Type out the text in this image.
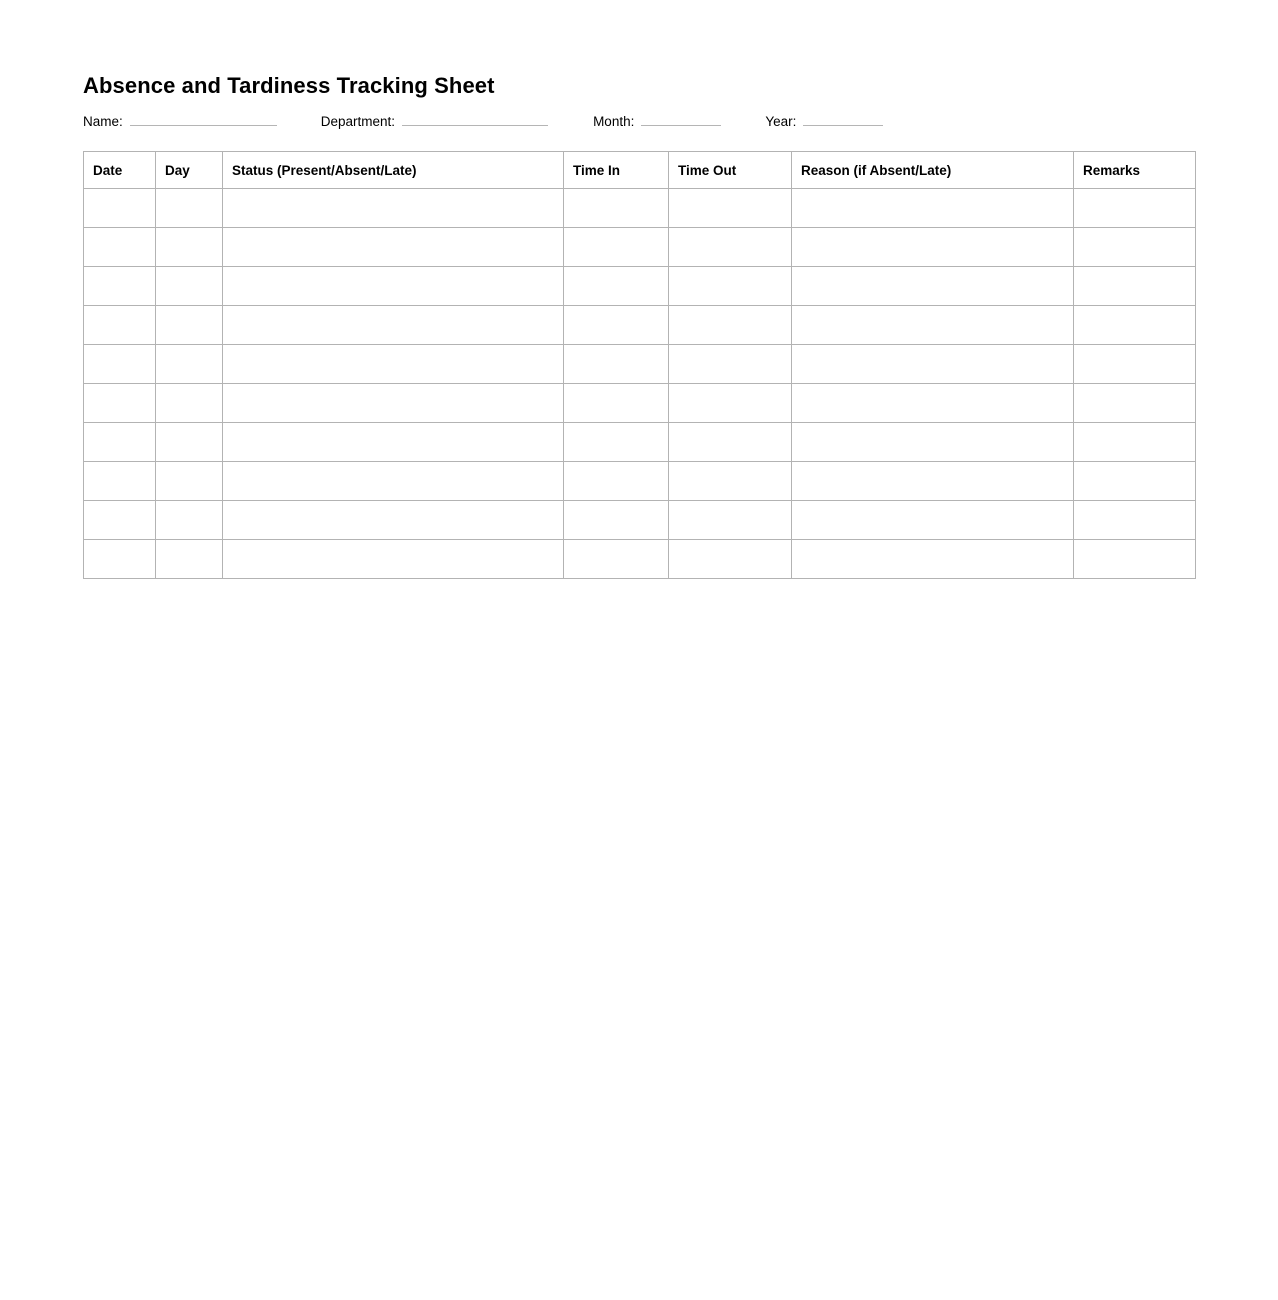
Absence and Tardiness Tracking Sheet
Name:	Department:	Month:	Year:
Date	Day	Status (Present/Absent/Late)	Time In	Time Out	Reason (if Absent/Late)	Remarks
